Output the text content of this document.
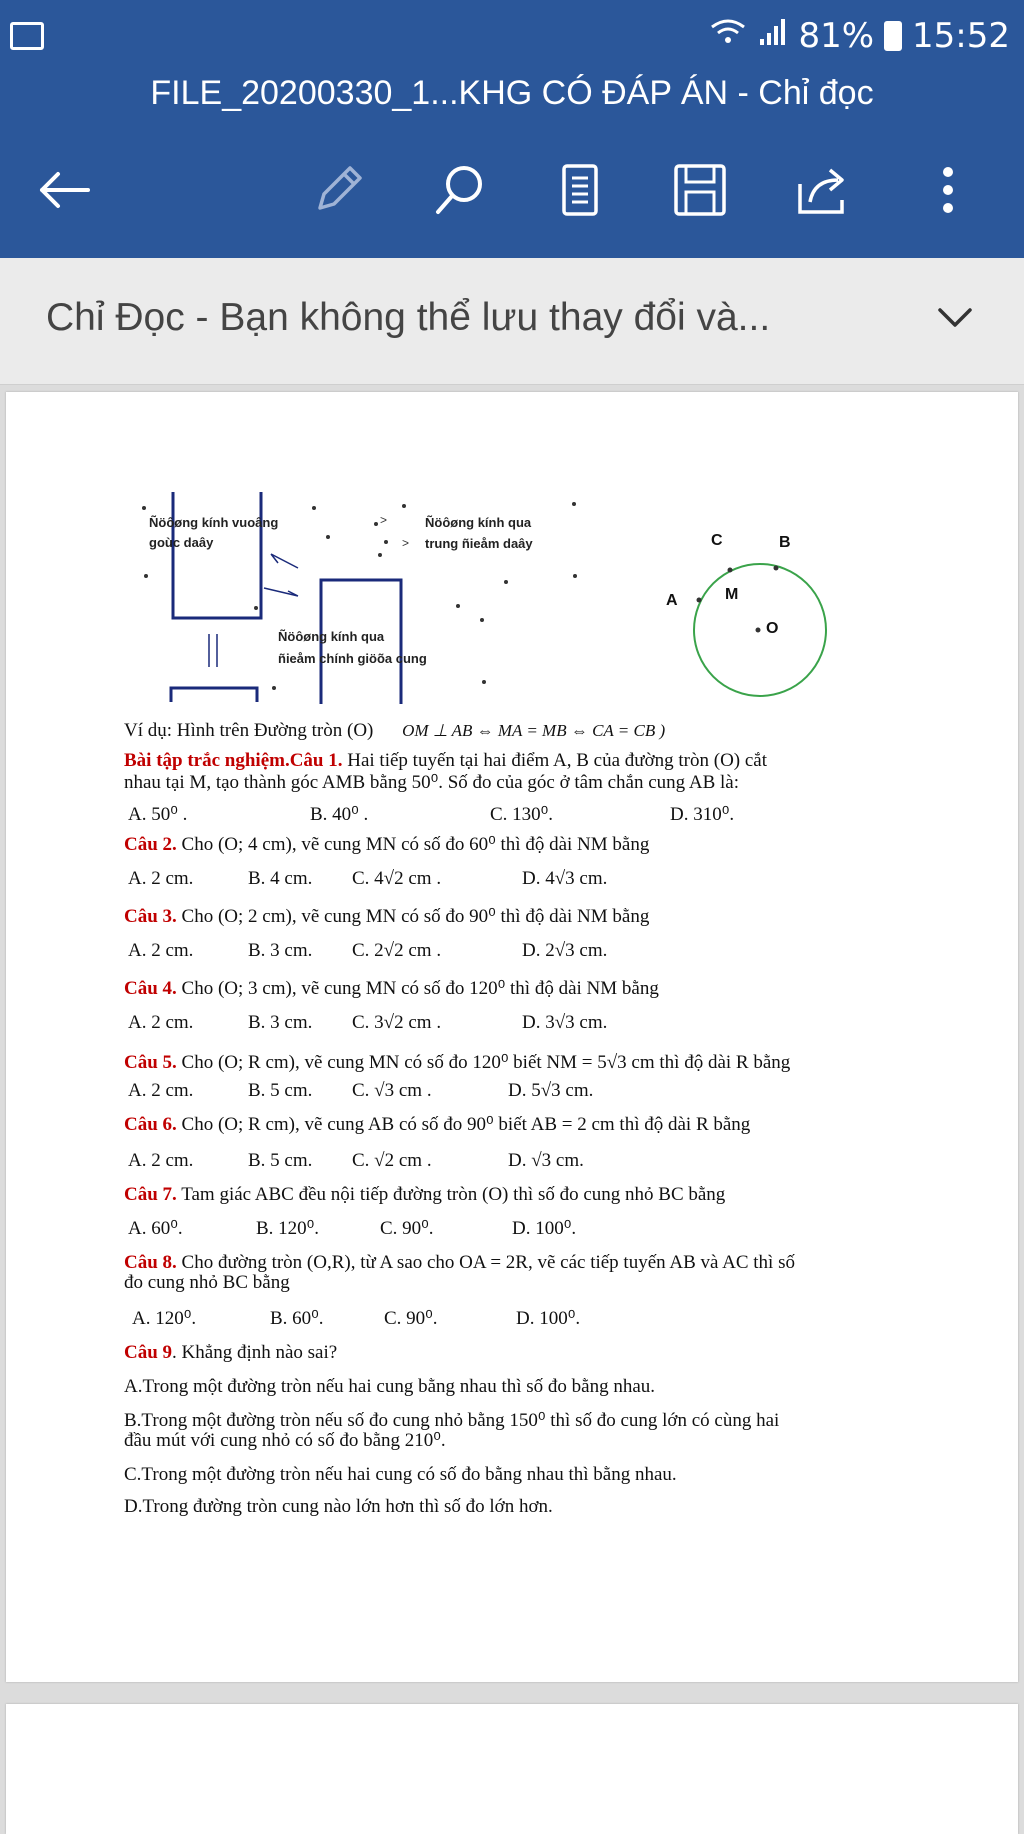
81% 15:52
FILE_20200330_1...KHG CÓ ĐÁP ÁN - Chỉ đọc
Chỉ Đọc - Bạn không thể lưu thay đổi và...
>
>
Ñöôøng kính vuoâng
goùc daây
Ñöôøng kính qua
trung ñieåm daây
Ñöôøng kính qua
ñieåm chính giöõa cung
C	B
A	M
O
Ví dụ: Hình trên Đường tròn (O) OM ⊥ AB ⇔ MA = MB ⇔ CA = CB )
Bài tập trắc nghiệm.Câu 1. Hai tiếp tuyến tại hai điểm A, B của đường tròn (O) cắt
nhau tại M, tạo thành góc AMB bằng 50⁰. Số đo của góc ở tâm chắn cung AB là:
A. 50⁰ .	B. 40⁰ .	C. 130⁰.	D. 310⁰.
Câu 2. Cho (O; 4 cm), vẽ cung MN có số đo 60⁰ thì độ dài NM bằng
A. 2 cm.	B. 4 cm. C. 4√2 cm .	D. 4√3 cm.
Câu 3. Cho (O; 2 cm), vẽ cung MN có số đo 90⁰ thì độ dài NM bằng
A. 2 cm.	B. 3 cm. C. 2√2 cm .	D. 2√3 cm.
Câu 4. Cho (O; 3 cm), vẽ cung MN có số đo 120⁰ thì độ dài NM bằng
A. 2 cm.	B. 3 cm. C. 3√2 cm .	D. 3√3 cm.
Câu 5. Cho (O; R cm), vẽ cung MN có số đo 120⁰ biết NM = 5√3 cm thì độ dài R bằng
A. 2 cm.	B. 5 cm. C. √3 cm .	D. 5√3 cm.
Câu 6. Cho (O; R cm), vẽ cung AB có số đo 90⁰ biết AB = 2 cm thì độ dài R bằng
A. 2 cm.	B. 5 cm. C. √2 cm .	D. √3 cm.
Câu 7. Tam giác ABC đều nội tiếp đường tròn (O) thì số đo cung nhỏ BC bằng
A. 60⁰.	B. 120⁰.	C. 90⁰.	D. 100⁰.
Câu 8. Cho đường tròn (O,R), từ A sao cho OA = 2R, vẽ các tiếp tuyến AB và AC thì số
đo cung nhỏ BC bằng
A. 120⁰.	B. 60⁰.	C. 90⁰.	D. 100⁰.
Câu 9. Khẳng định nào sai?
A.Trong một đường tròn nếu hai cung bằng nhau thì số đo bằng nhau.
B.Trong một đường tròn nếu số đo cung nhỏ bằng 150⁰ thì số đo cung lớn có cùng hai
đầu mút với cung nhỏ có số đo bằng 210⁰.
C.Trong một đường tròn nếu hai cung có số đo bằng nhau thì bằng nhau.
D.Trong đường tròn cung nào lớn hơn thì số đo lớn hơn.
